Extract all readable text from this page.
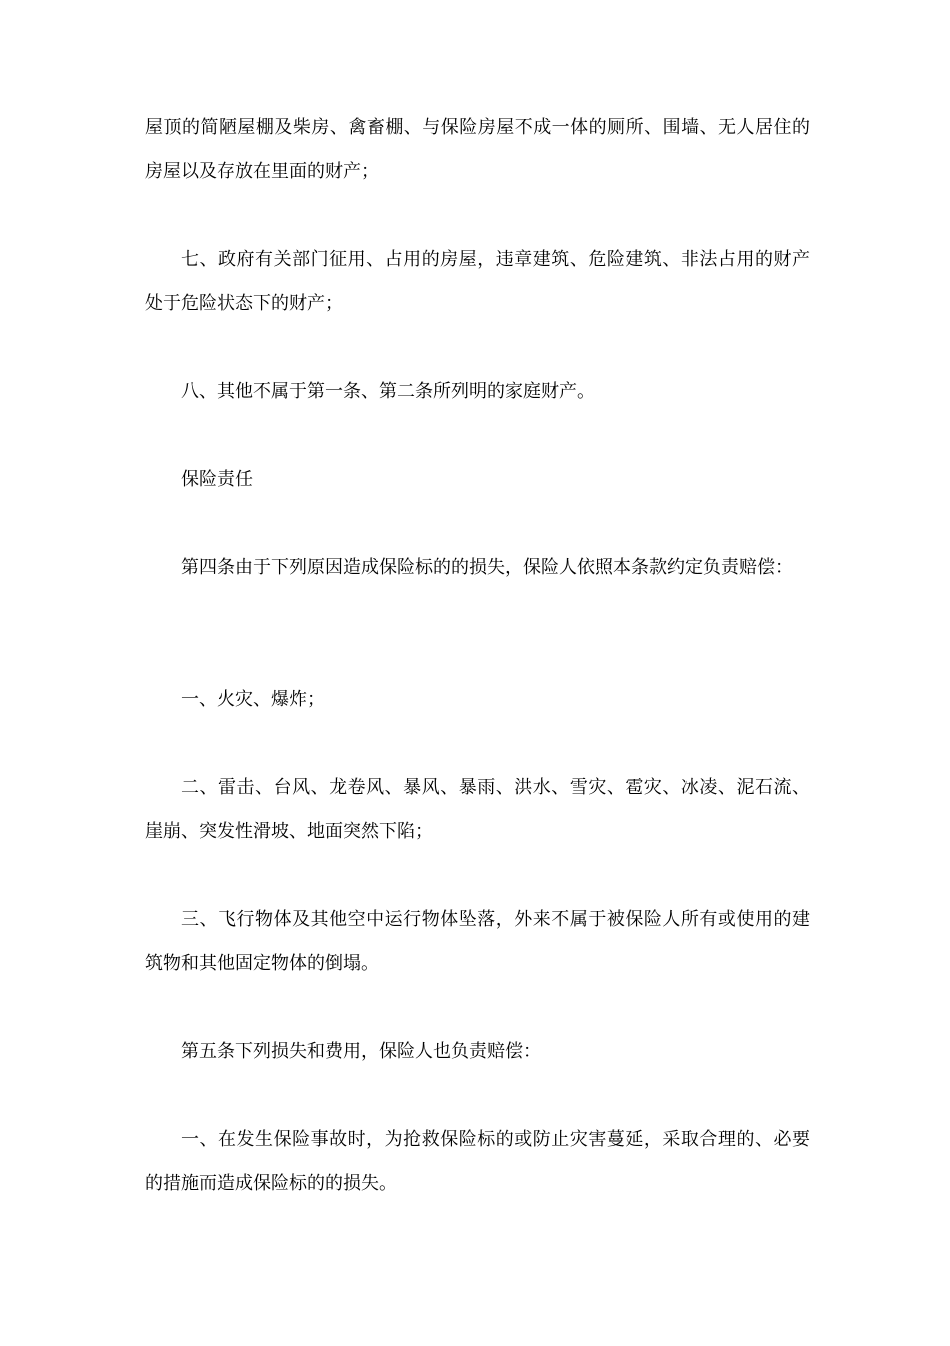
屋顶的简陋屋棚及柴房、禽畜棚、与保险房屋不成一体的厕所、围墙、无人居住的房屋以及存放在里面的财产；

七、政府有关部门征用、占用的房屋，违章建筑、危险建筑、非法占用的财产处于危险状态下的财产；

八、其他不属于第一条、第二条所列明的家庭财产。

保险责任

第四条由于下列原因造成保险标的的损失，保险人依照本条款约定负责赔偿：

一、火灾、爆炸；

二、雷击、台风、龙卷风、暴风、暴雨、洪水、雪灾、雹灾、冰凌、泥石流、崖崩、突发性滑坡、地面突然下陷；

三、飞行物体及其他空中运行物体坠落，外来不属于被保险人所有或使用的建筑物和其他固定物体的倒塌。

第五条下列损失和费用，保险人也负责赔偿：

一、在发生保险事故时，为抢救保险标的或防止灾害蔓延，采取合理的、必要的措施而造成保险标的的损失。
